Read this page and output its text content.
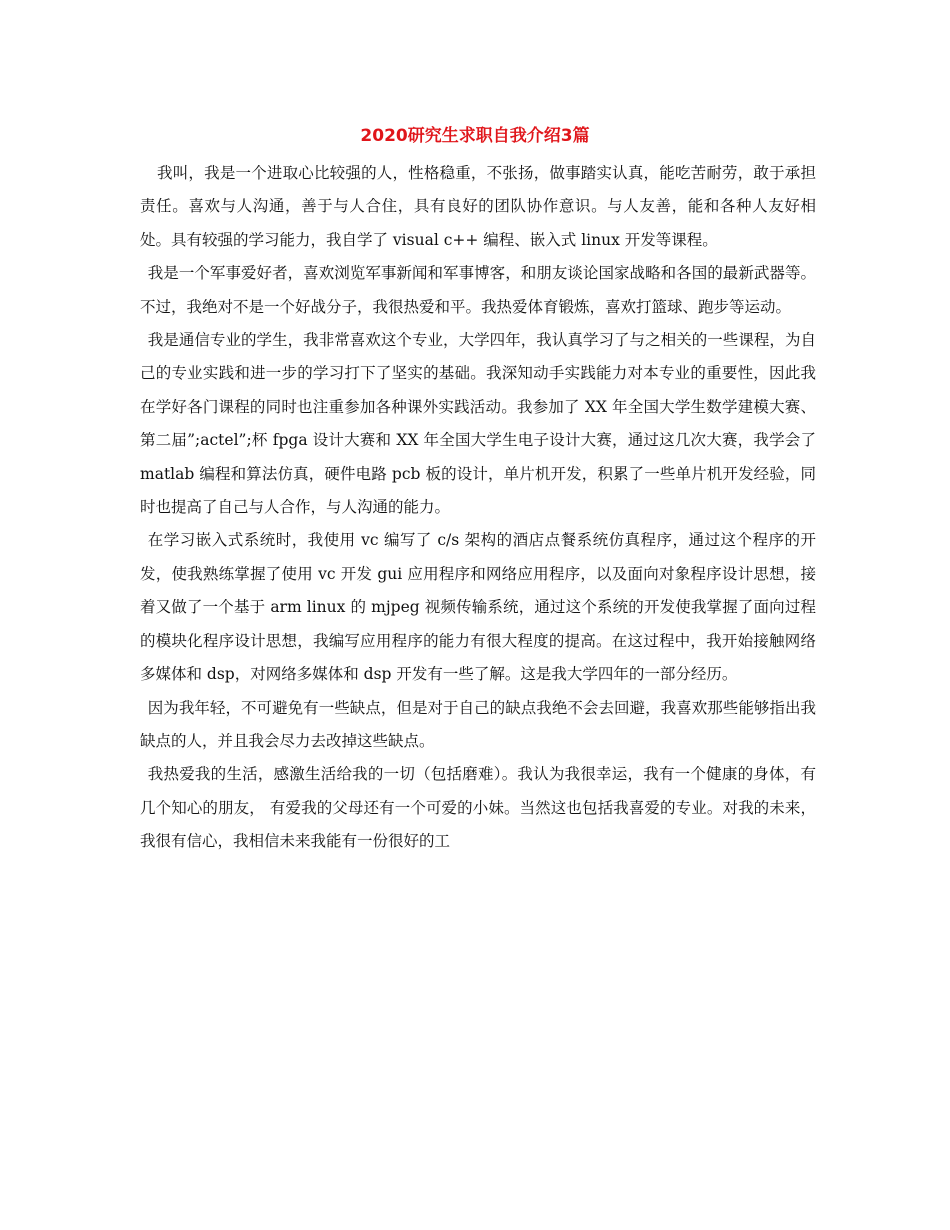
2020研究生求职自我介绍3篇

我叫，我是一个进取心比较强的人，性格稳重，不张扬，做事踏实认真，能吃苦耐劳，敢于承担责任。喜欢与人沟通，善于与人合住，具有良好的团队协作意识。与人友善，能和各种人友好相处。具有较强的学习能力，我自学了 visual c++ 编程、嵌入式 linux 开发等课程。

我是一个军事爱好者，喜欢浏览军事新闻和军事博客，和朋友谈论国家战略和各国的最新武器等。不过，我绝对不是一个好战分子，我很热爱和平。我热爱体育锻炼，喜欢打篮球、跑步等运动。

我是通信专业的学生，我非常喜欢这个专业，大学四年，我认真学习了与之相关的一些课程，为自己的专业实践和进一步的学习打下了坚实的基础。我深知动手实践能力对本专业的重要性，因此我在学好各门课程的同时也注重参加各种课外实践活动。我参加了 XX 年全国大学生数学建模大赛、第二届”;actel”;杯 fpga 设计大赛和 XX 年全国大学生电子设计大赛，通过这几次大赛，我学会了 matlab 编程和算法仿真，硬件电路 pcb 板的设计，单片机开发，积累了一些单片机开发经验，同时也提高了自己与人合作，与人沟通的能力。

在学习嵌入式系统时，我使用 vc 编写了 c/s 架构的酒店点餐系统仿真程序，通过这个程序的开发，使我熟练掌握了使用 vc 开发 gui 应用程序和网络应用程序，以及面向对象程序设计思想，接着又做了一个基于 arm linux 的 mjpeg 视频传输系统，通过这个系统的开发使我掌握了面向过程的模块化程序设计思想，我编写应用程序的能力有很大程度的提高。在这过程中，我开始接触网络多媒体和 dsp，对网络多媒体和 dsp 开发有一些了解。这是我大学四年的一部分经历。

因为我年轻，不可避免有一些缺点，但是对于自己的缺点我绝不会去回避，我喜欢那些能够指出我缺点的人，并且我会尽力去改掉这些缺点。

我热爱我的生活，感激生活给我的一切（包括磨难）。我认为我很幸运，我有一个健康的身体，有几个知心的朋友， 有爱我的父母还有一个可爱的小妹。当然这也包括我喜爱的专业。对我的未来，我很有信心，我相信未来我能有一份很好的工
